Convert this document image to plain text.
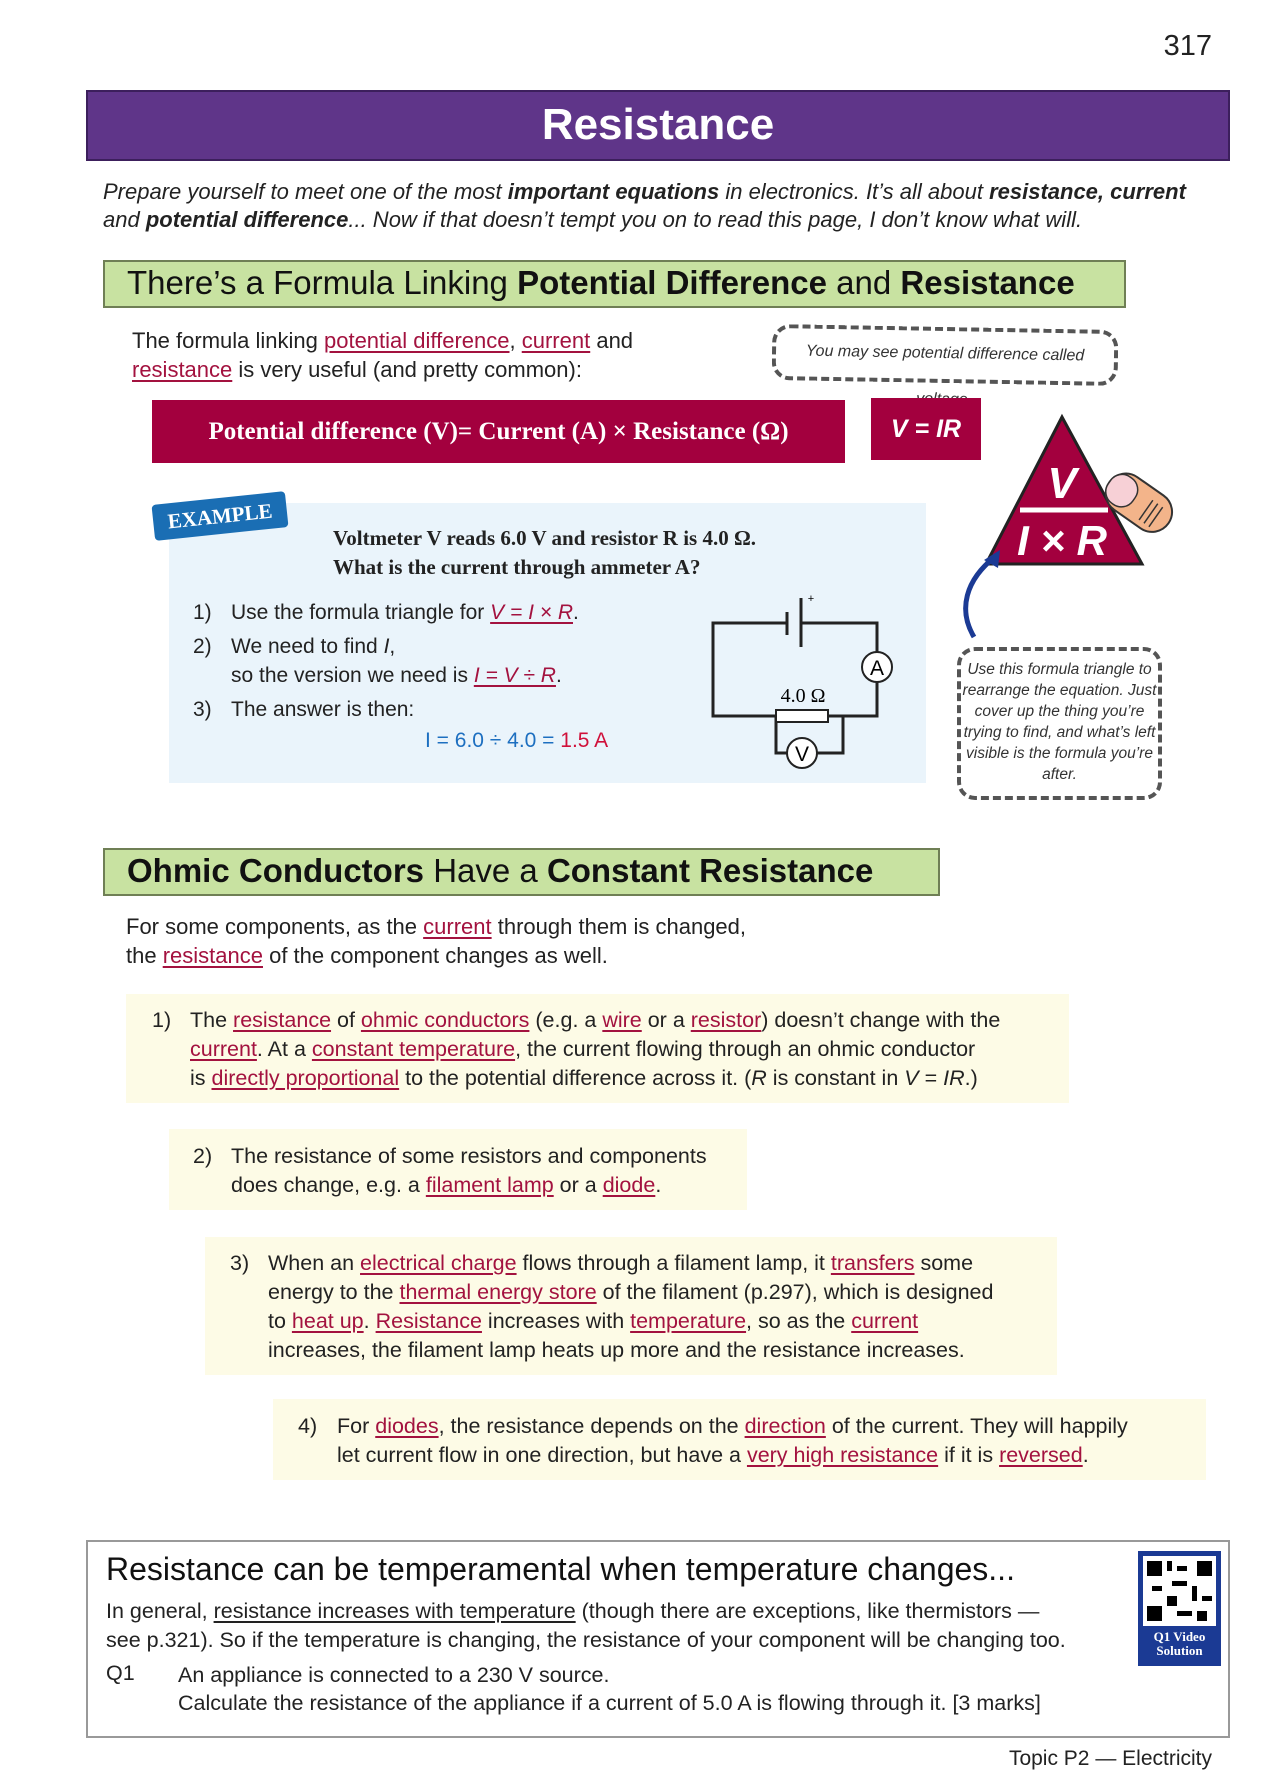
317
Resistance
Prepare yourself to meet one of the most important equations in electronics. It’s all about resistance, current
and potential difference... Now if that doesn’t tempt you on to read this page, I don’t know what will.
There’s a Formula Linking Potential Difference and Resistance
The formula linking potential difference, current and
resistance is very useful (and pretty common):
You may see potential difference called
Potential difference (V)= Current (A) × Resistance (Ω)	V = IR
V
I × R
Use this formula triangle to rearrange the equation. Just cover up the thing you’re trying to find, and what’s left visible is the formula you’re after.
EXAMPLE
Voltmeter V reads 6.0 V and resistor R is 4.0 Ω.
What is the current through ammeter A?
1) Use the formula triangle for V = I × R.
2) We need to find I,
so the version we need is I = V ÷ R.
3) The answer is then:
I = 6.0 ÷ 4.0 = 1.5 A
A
V
4.0 Ω
+
Ohmic Conductors Have a Constant Resistance
For some components, as the current through them is changed,
the resistance of the component changes as well.
1) The resistance of ohmic conductors (e.g. a wire or a resistor) doesn’t change with the
current. At a constant temperature, the current flowing through an ohmic conductor
is directly proportional to the potential difference across it. (R is constant in V = IR.)
2) The resistance of some resistors and components
does change, e.g. a filament lamp or a diode.
3) When an electrical charge flows through a filament lamp, it transfers some
energy to the thermal energy store of the filament (p.297), which is designed
to heat up. Resistance increases with temperature, so as the current
increases, the filament lamp heats up more and the resistance increases.
4) For diodes, the resistance depends on the direction of the current. They will happily
let current flow in one direction, but have a very high resistance if it is reversed.
Resistance can be temperamental when temperature changes...
In general, resistance increases with temperature (though there are exceptions, like thermistors —
see p.321). So if the temperature is changing, the resistance of your component will be changing too.
Q1 An appliance is connected to a 230 V source.
Calculate the resistance of the appliance if a current of 5.0 A is flowing through it. [3 marks]
Q1 Video Solution
Topic P2 — Electricity
